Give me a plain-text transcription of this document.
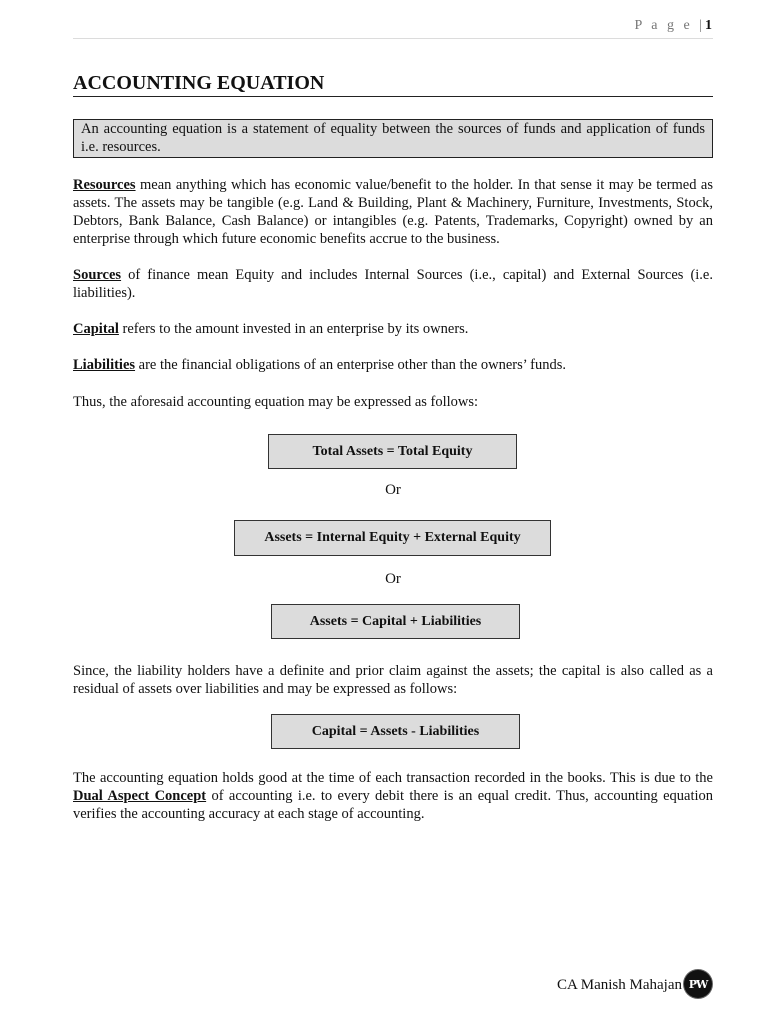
P a g e |1
ACCOUNTING EQUATION
An accounting equation is a statement of equality between the sources of funds and application of funds i.e. resources.

Resources mean anything which has economic value/benefit to the holder. In that sense it may be termed as assets. The assets may be tangible (e.g. Land & Building, Plant & Machinery, Furniture, Investments, Stock, Debtors, Bank Balance, Cash Balance) or intangibles (e.g. Patents, Trademarks, Copyright) owned by an enterprise through which future economic benefits accrue to the business.

Sources of finance mean Equity and includes Internal Sources (i.e., capital) and External Sources (i.e. liabilities).

Capital refers to the amount invested in an enterprise by its owners.

Liabilities are the financial obligations of an enterprise other than the owners’ funds.

Thus, the aforesaid accounting equation may be expressed as follows:

Total Assets = Total Equity
Or
Assets = Internal Equity + External Equity
Or
Assets = Capital + Liabilities

Since, the liability holders have a definite and prior claim against the assets; the capital is also called as a residual of assets over liabilities and may be expressed as follows:

Capital = Assets - Liabilities

The accounting equation holds good at the time of each transaction recorded in the books. This is due to the Dual Aspect Concept of accounting i.e. to every debit there is an equal credit. Thus, accounting equation verifies the accounting accuracy at each stage of accounting.

CA Manish Mahajan PW
